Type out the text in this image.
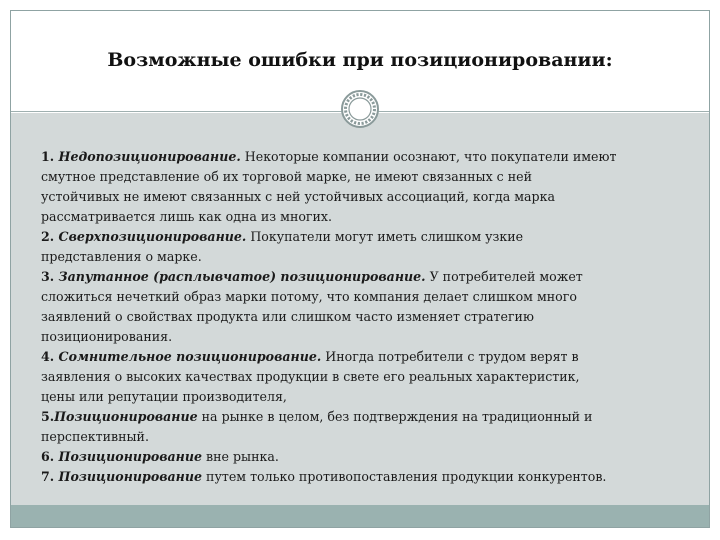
Возможные ошибки при позиционировании:
1. Недопозиционирование. Некоторые компании осознают, что покупатели имеют
смутное представление об их торговой марке, не имеют связанных с ней
устойчивых не имеют связанных с ней устойчивых ассоциаций, когда марка
рассматривается лишь как одна из многих.
2. Сверхпозиционирование. Покупатели могут иметь слишком узкие
представления о марке.
3. Запутанное (расплывчатое) позиционирование. У потребителей может
сложиться нечеткий образ марки потому, что компания делает слишком много
заявлений о свойствах продукта или слишком часто изменяет стратегию
позиционирования.
4. Сомнительное позиционирование. Иногда потребители с трудом верят в
заявления о высоких качествах продукции в свете его реальных характеристик,
цены или репутации производителя,
5.Позиционирование на рынке в целом, без подтверждения на традиционный и
перспективный.
6. Позиционирование вне рынка.
7. Позиционирование путем только противопоставления продукции конкурентов.
